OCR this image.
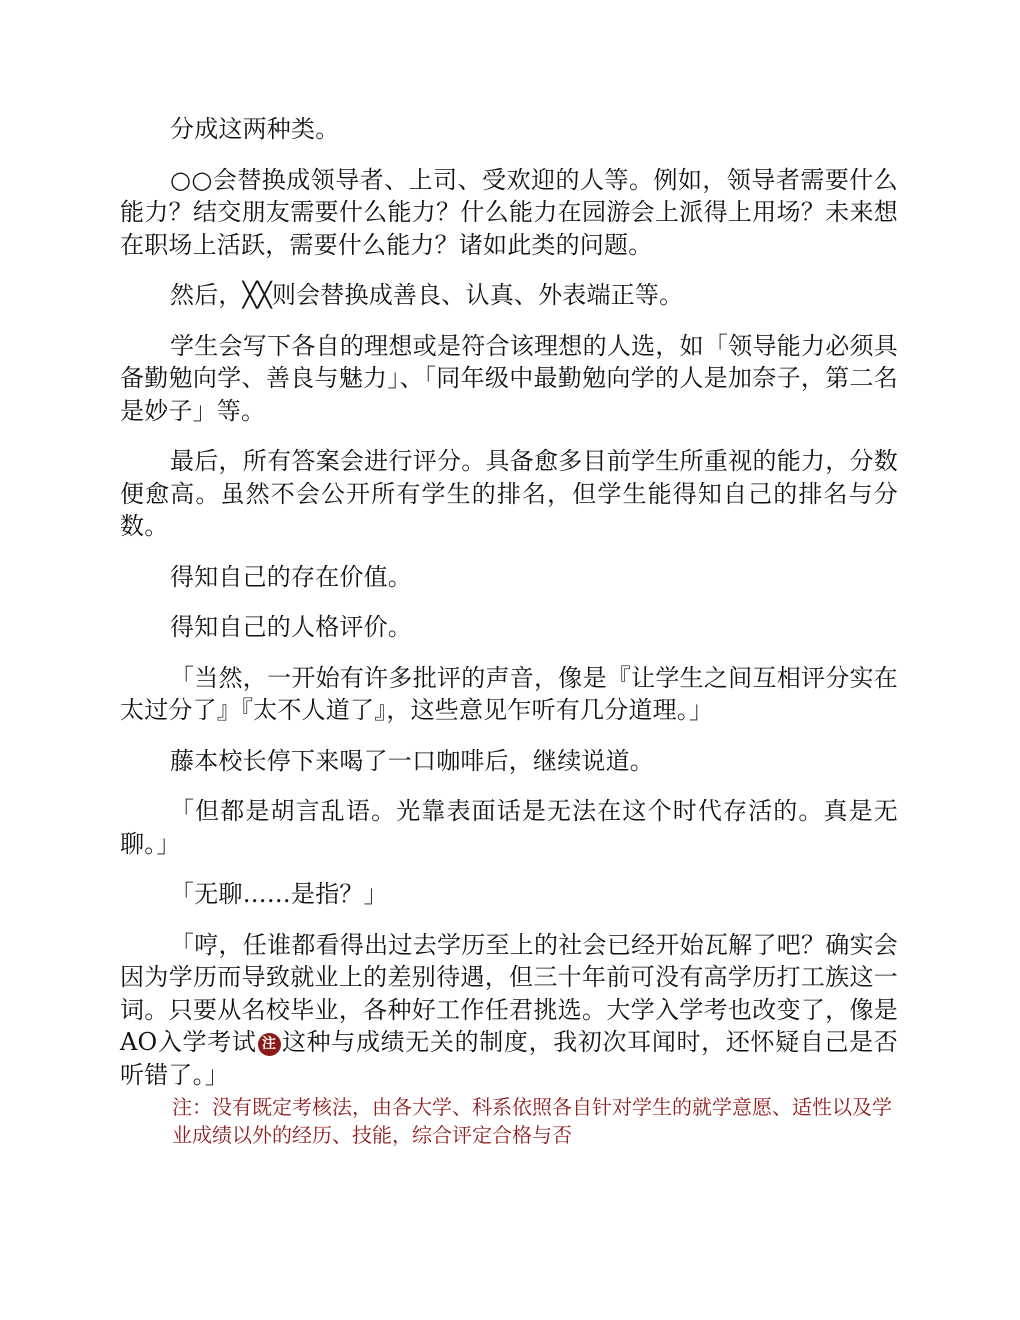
分成这两种类。

○○会替换成领导者、上司、受欢迎的人等。例如，领导者需要什么能力？结交朋友需要什么能力？什么能力在园游会上派得上用场？未来想在职场上活跃，需要什么能力？诸如此类的问题。

然后，╳╳则会替换成善良、认真、外表端正等。

学生会写下各自的理想或是符合该理想的人选，如「领导能力必须具备勤勉向学、善良与魅力」、「同年级中最勤勉向学的人是加奈子，第二名是妙子」等。

最后，所有答案会进行评分。具备愈多目前学生所重视的能力，分数便愈高。虽然不会公开所有学生的排名，但学生能得知自己的排名与分数。

得知自己的存在价值。

得知自己的人格评价。

「当然，一开始有许多批评的声音，像是『让学生之间互相评分实在太过分了』『太不人道了』，这些意见乍听有几分道理。」

藤本校长停下来喝了一口咖啡后，继续说道。

「但都是胡言乱语。光靠表面话是无法在这个时代存活的。真是无聊。」

「无聊……是指？」

「哼，任谁都看得出过去学历至上的社会已经开始瓦解了吧？确实会因为学历而导致就业上的差别待遇，但三十年前可没有高学历打工族这一词。只要从名校毕业，各种好工作任君挑选。大学入学考也改变了，像是AO入学考试 注 这种与成绩无关的制度，我初次耳闻时，还怀疑自己是否听错了。」

注：没有既定考核法，由各大学、科系依照各自针对学生的就学意愿、适性以及学业成绩以外的经历、技能，综合评定合格与否
